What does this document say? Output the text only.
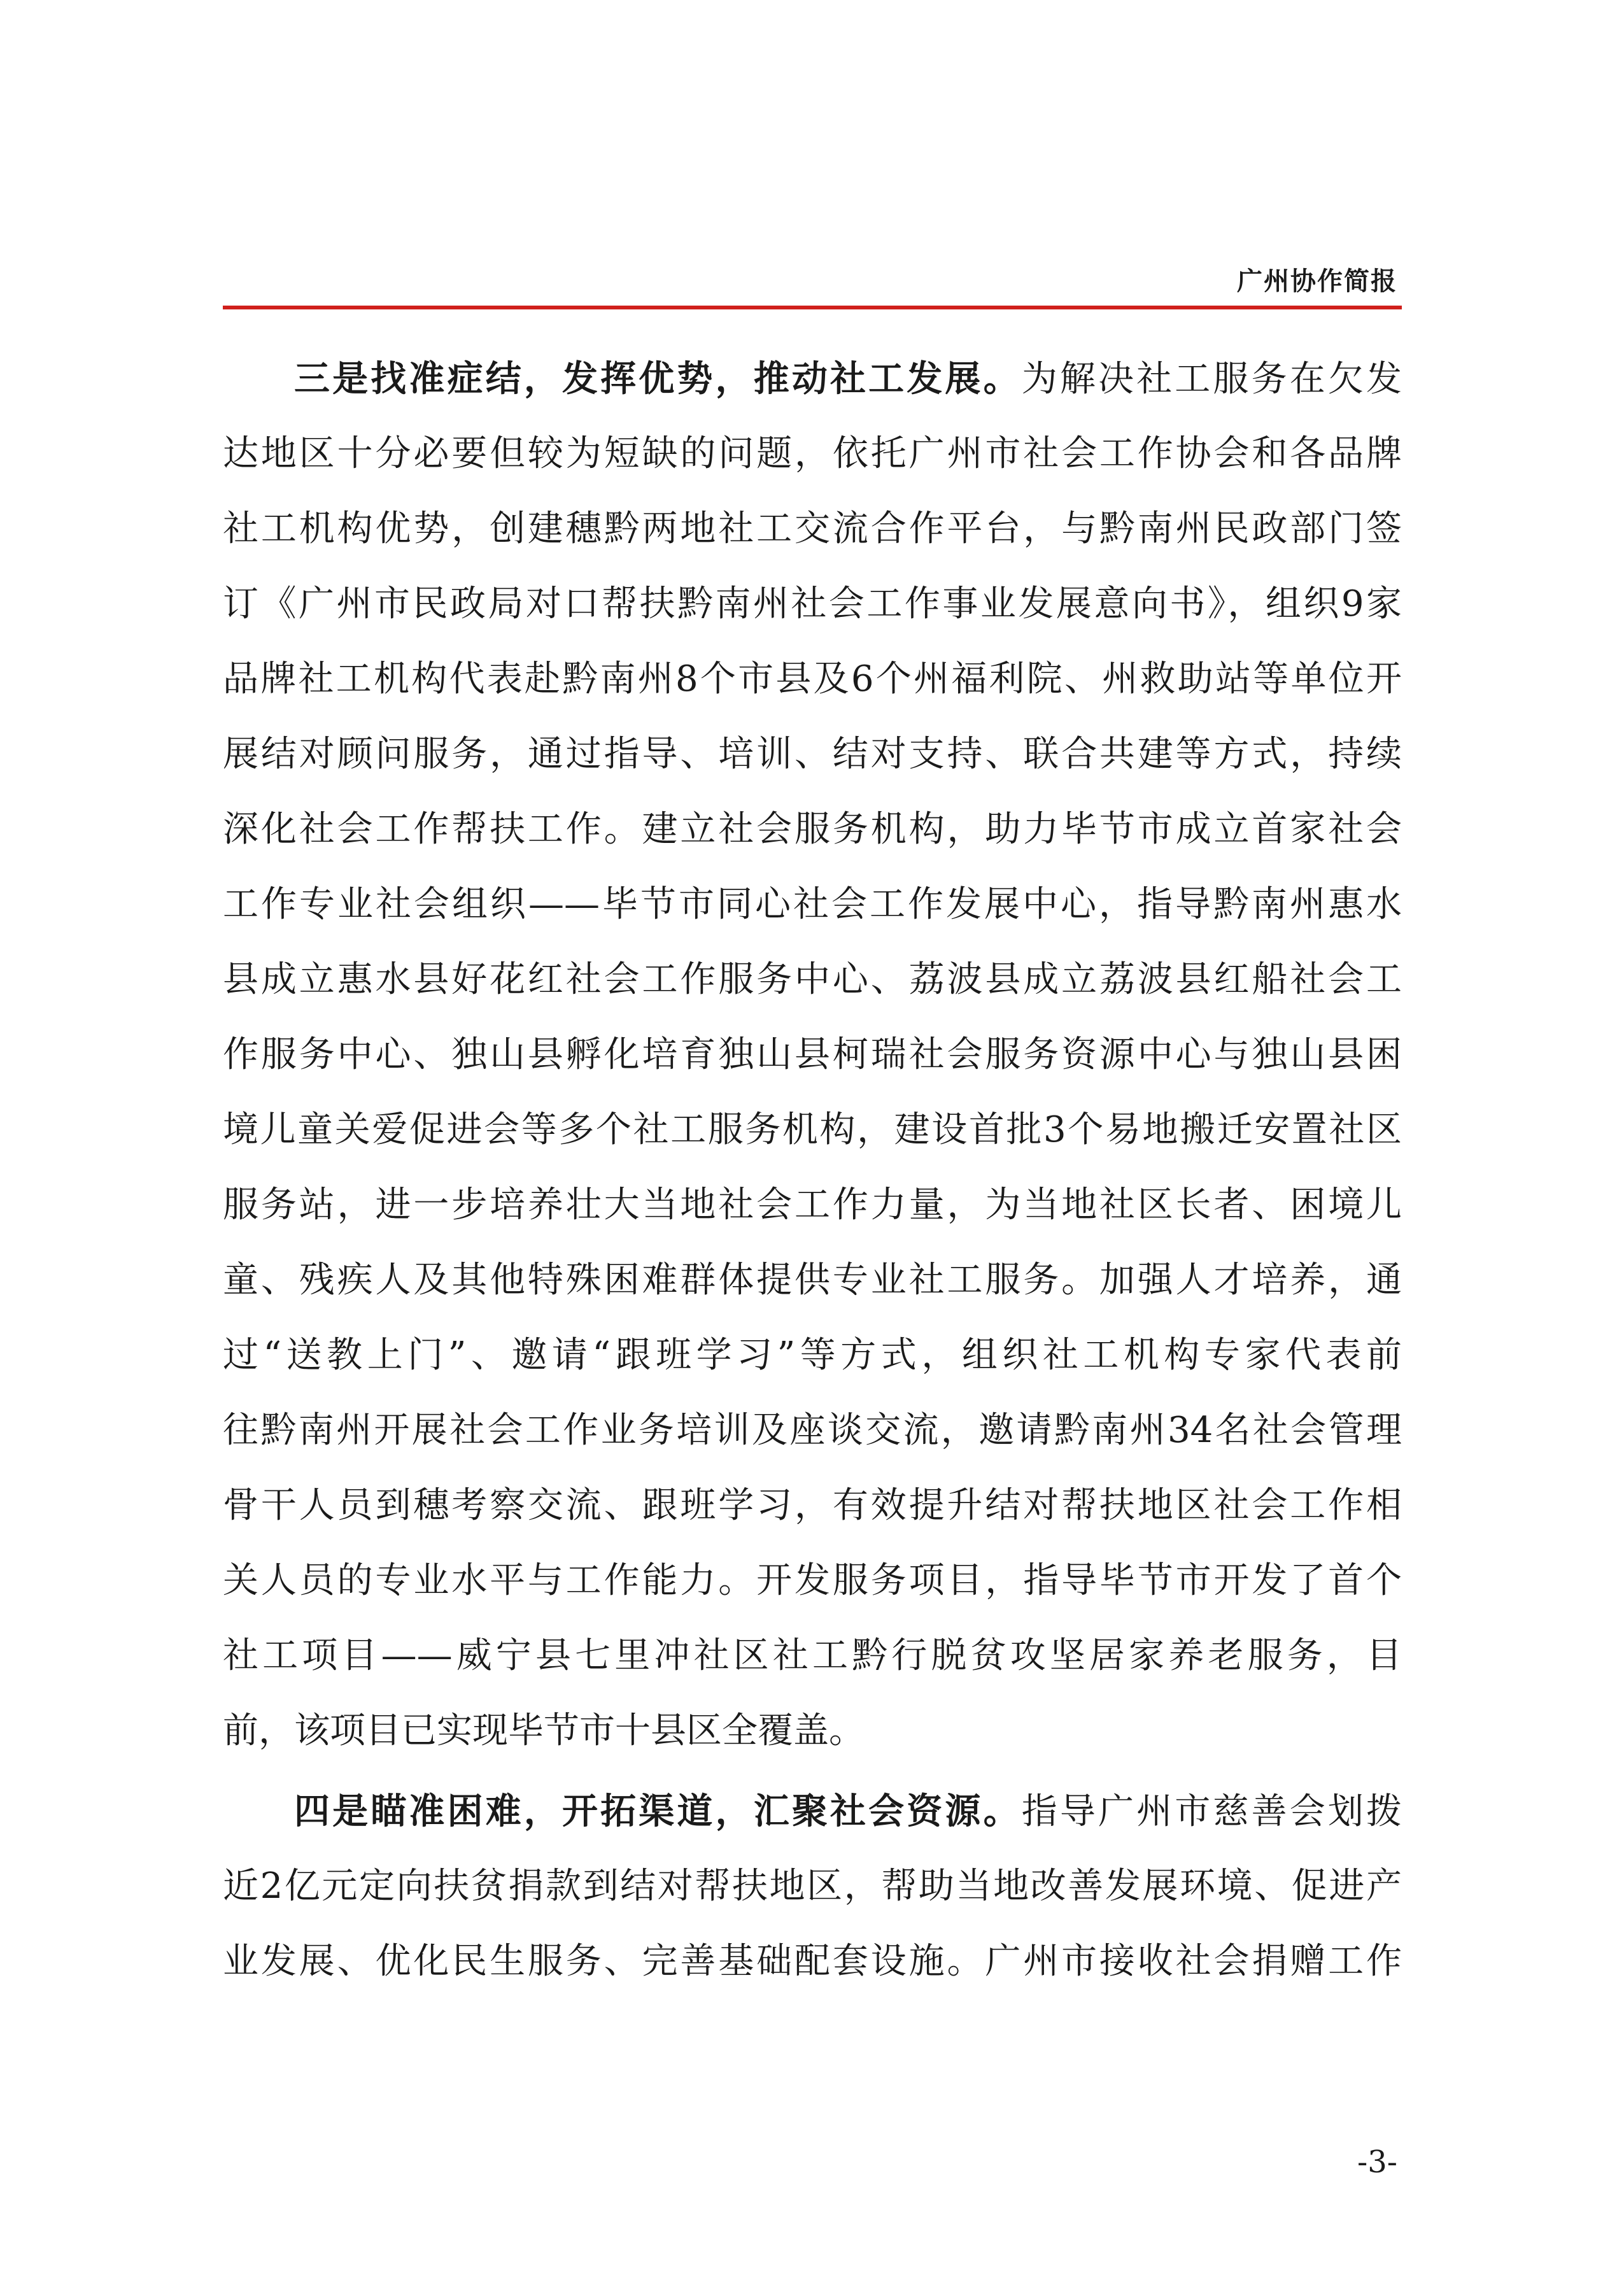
广州协作简报
三是找准症结，发挥优势，推动社工发展。为解决社工服务在欠发
达地区十分必要但较为短缺的问题，依托广州市社会工作协会和各品牌
社工机构优势，创建穗黔两地社工交流合作平台，与黔南州民政部门签
订《广州市民政局对口帮扶黔南州社会工作事业发展意向书》，组织9家
品牌社工机构代表赴黔南州8个市县及6个州福利院、州救助站等单位开
展结对顾问服务，通过指导、培训、结对支持、联合共建等方式，持续
深化社会工作帮扶工作。建立社会服务机构，助力毕节市成立首家社会
工作专业社会组织——毕节市同心社会工作发展中心，指导黔南州惠水
县成立惠水县好花红社会工作服务中心、荔波县成立荔波县红船社会工
作服务中心、独山县孵化培育独山县柯瑞社会服务资源中心与独山县困
境儿童关爱促进会等多个社工服务机构，建设首批3个易地搬迁安置社区
服务站，进一步培养壮大当地社会工作力量，为当地社区长者、困境儿
童、残疾人及其他特殊困难群体提供专业社工服务。加强人才培养，通
过“送教上门”、邀请“跟班学习”等方式，组织社工机构专家代表前
往黔南州开展社会工作业务培训及座谈交流，邀请黔南州34名社会管理
骨干人员到穗考察交流、跟班学习，有效提升结对帮扶地区社会工作相
关人员的专业水平与工作能力。开发服务项目，指导毕节市开发了首个
社工项目——威宁县七里冲社区社工黔行脱贫攻坚居家养老服务，目
前，该项目已实现毕节市十县区全覆盖。
四是瞄准困难，开拓渠道，汇聚社会资源。指导广州市慈善会划拨
近2亿元定向扶贫捐款到结对帮扶地区，帮助当地改善发展环境、促进产
业发展、优化民生服务、完善基础配套设施。广州市接收社会捐赠工作
-3-
